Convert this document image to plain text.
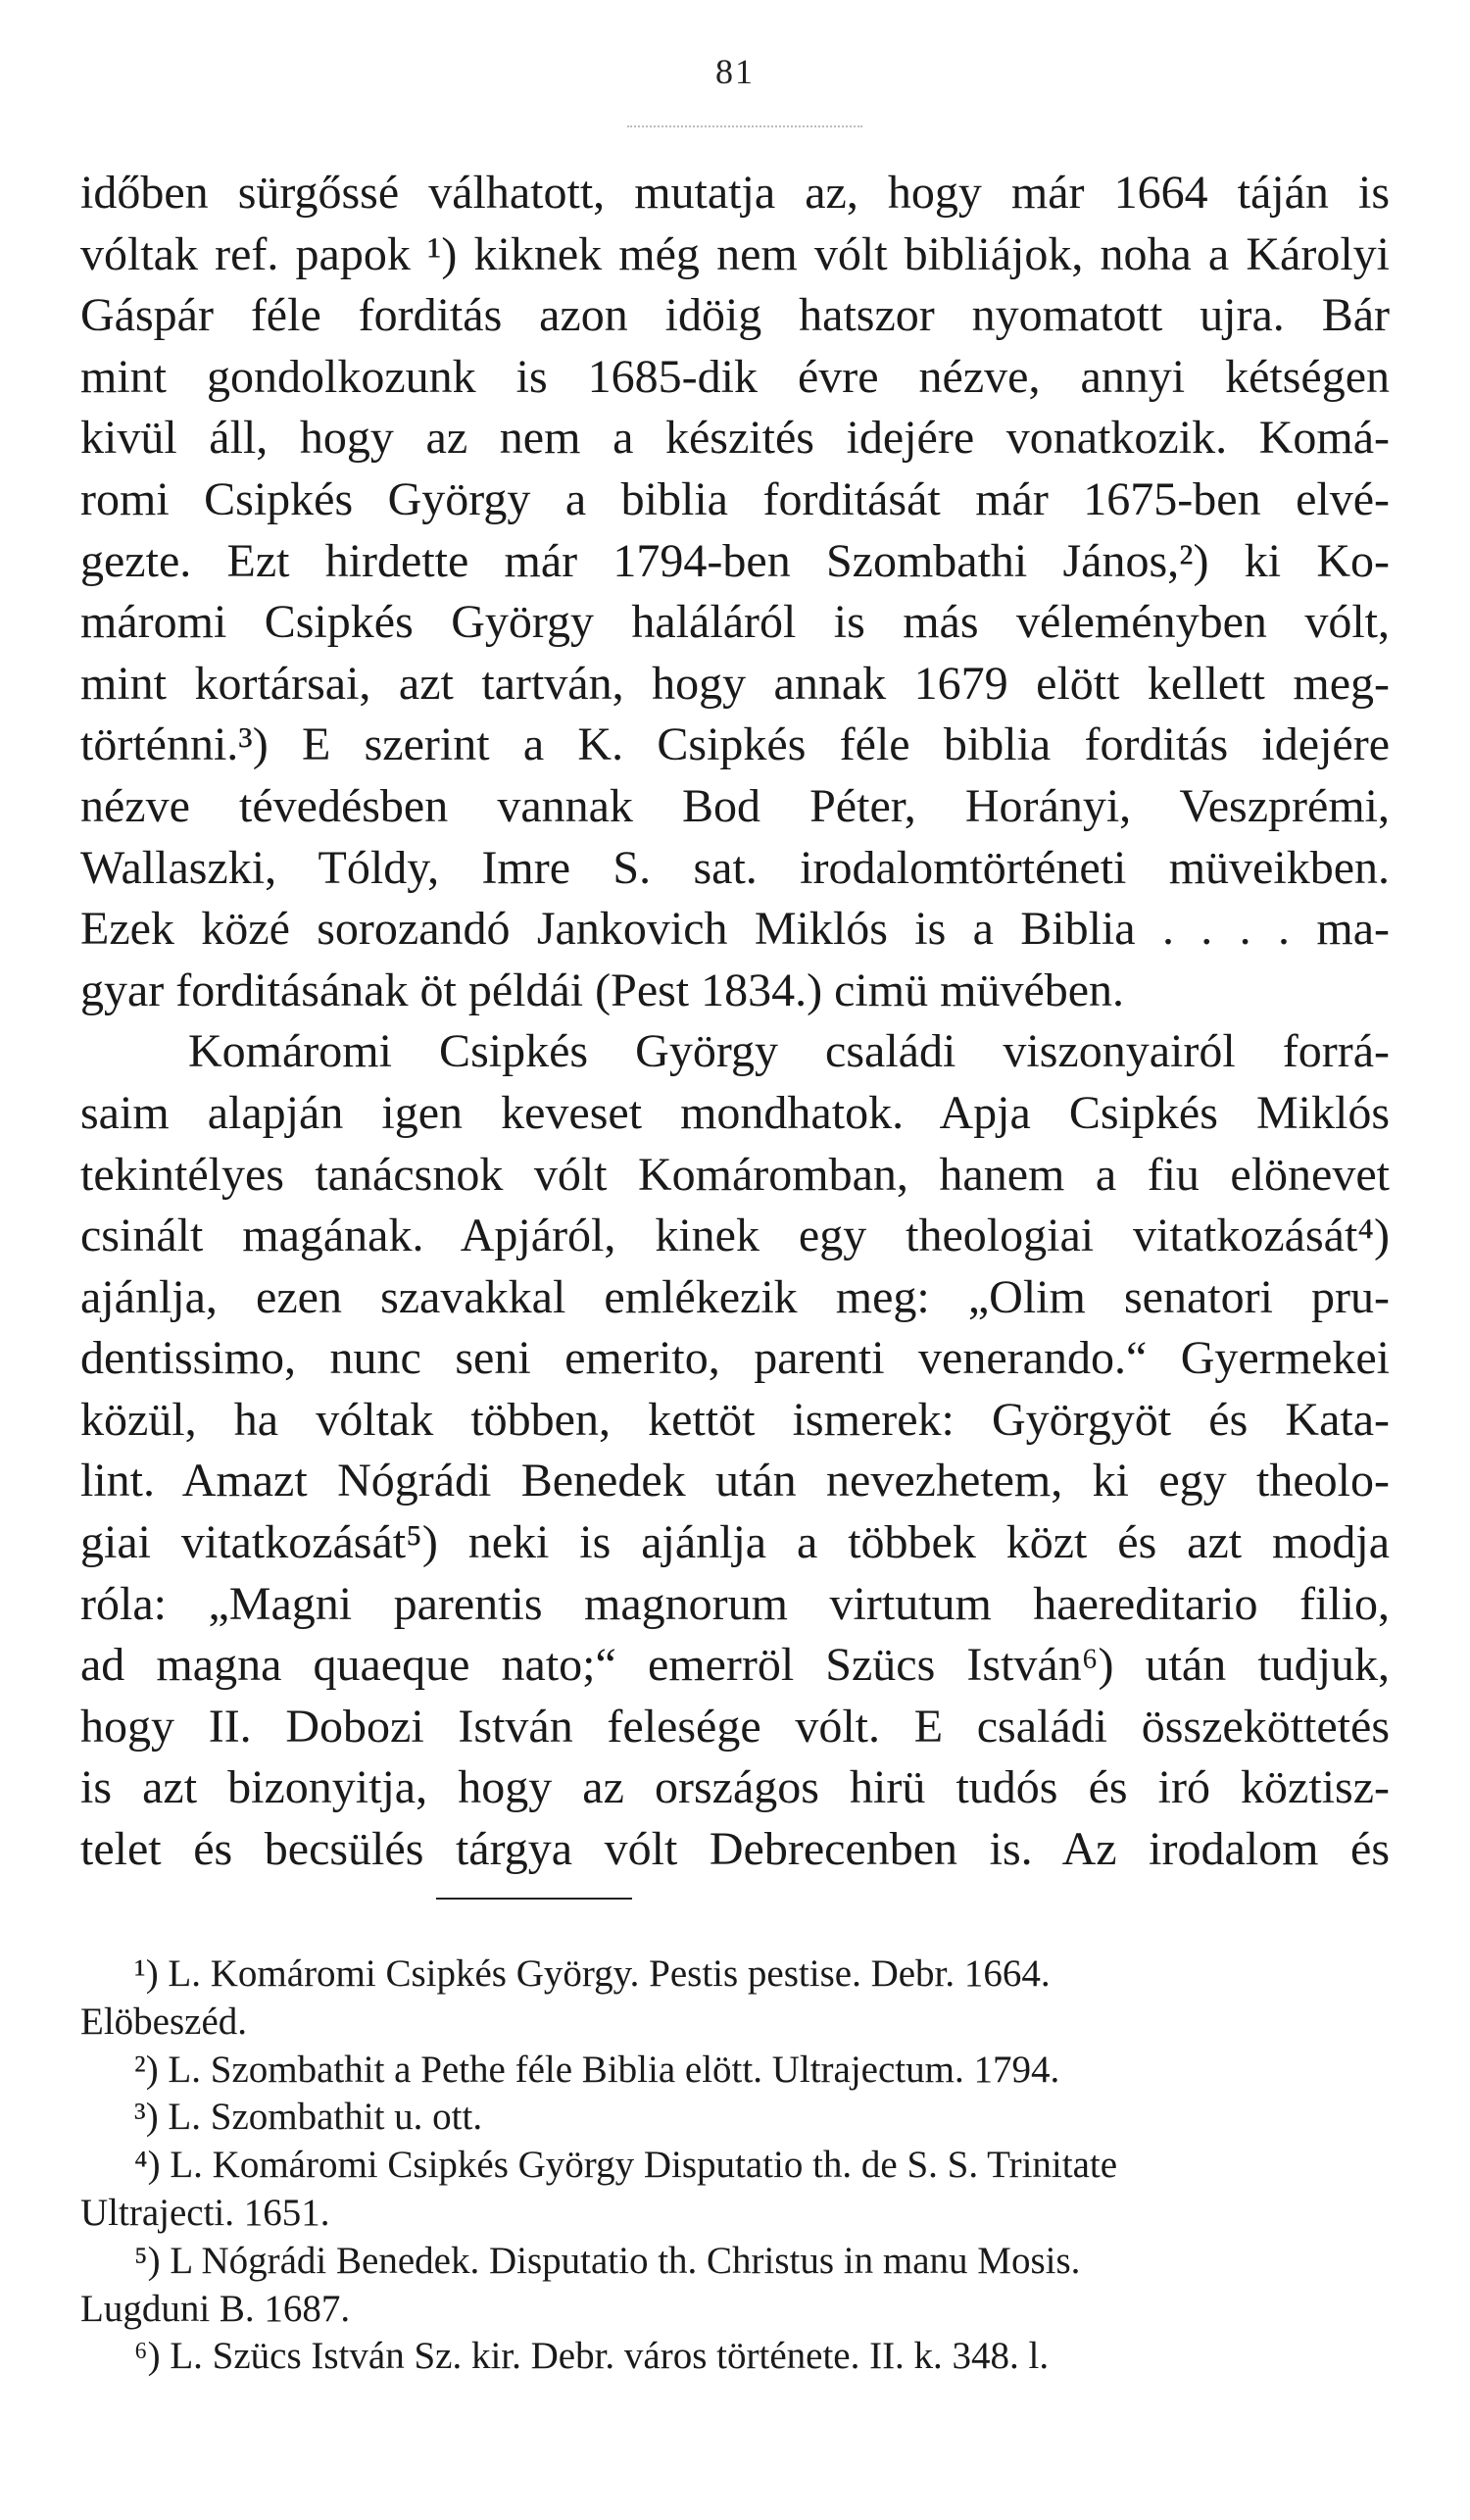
81
időben sürgőssé válhatott, mutatja az, hogy már 1664 táján is
vóltak ref. papok ¹) kiknek még nem vólt bibliájok, noha a Károlyi
Gáspár féle forditás azon idöig hatszor nyomatott ujra. Bár
mint gondolkozunk is 1685-dik évre nézve, annyi kétségen
kivül áll, hogy az nem a készités idejére vonatkozik. Komá-
romi Csipkés György a biblia forditását már 1675-ben elvé-
gezte. Ezt hirdette már 1794-ben Szombathi János,²) ki Ko-
máromi Csipkés György haláláról is más véleményben vólt,
mint kortársai, azt tartván, hogy annak 1679 elött kellett meg-
történni.³) E szerint a K. Csipkés féle biblia forditás idejére
nézve tévedésben vannak Bod Péter, Horányi, Veszprémi,
Wallaszki, Tóldy, Imre S. sat. irodalomtörténeti müveikben.
Ezek közé sorozandó Jankovich Miklós is a Biblia . . . . ma-
gyar forditásának öt példái (Pest 1834.) cimü müvében.
Komáromi Csipkés György családi viszonyairól forrá-
saim alapján igen keveset mondhatok. Apja Csipkés Miklós
tekintélyes tanácsnok vólt Komáromban, hanem a fiu elönevet
csinált magának. Apjáról, kinek egy theologiai vitatkozását⁴)
ajánlja, ezen szavakkal emlékezik meg: „Olim senatori pru-
dentissimo, nunc seni emerito, parenti venerando.“ Gyermekei
közül, ha vóltak többen, kettöt ismerek: Györgyöt és Kata-
lint. Amazt Nógrádi Benedek után nevezhetem, ki egy theolo-
giai vitatkozását⁵) neki is ajánlja a többek közt és azt modja
róla: „Magni parentis magnorum virtutum haereditario filio,
ad magna quaeque nato;“ emerröl Szücs István⁶) után tudjuk,
hogy II. Dobozi István felesége vólt. E családi összeköttetés
is azt bizonyitja, hogy az országos hirü tudós és iró köztisz-
telet és becsülés tárgya vólt Debrecenben is. Az irodalom és
¹) L. Komáromi Csipkés György. Pestis pestise. Debr. 1664.
Elöbeszéd.
²) L. Szombathit a Pethe féle Biblia elött. Ultrajectum. 1794.
³) L. Szombathit u. ott.
⁴) L. Komáromi Csipkés György Disputatio th. de S. S. Trinitate
Ultrajecti. 1651.
⁵) L Nógrádi Benedek. Disputatio th. Christus in manu Mosis.
Lugduni B. 1687.
⁶) L. Szücs István Sz. kir. Debr. város története. II. k. 348. l.
